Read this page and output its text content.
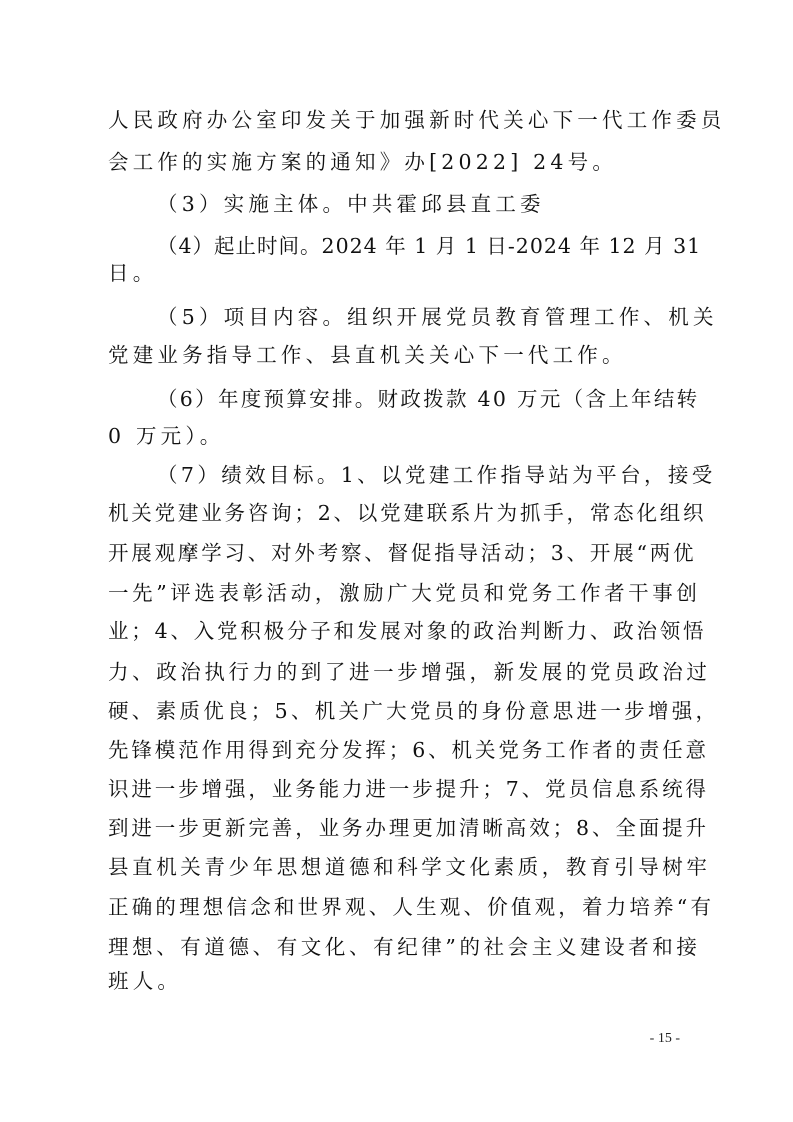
人民政府办公室印发关于加强新时代关心下一代工作委员
会工作的实施方案的通知》办[2022] 24号。
（3）实施主体。中共霍邱县直工委
（4）起止时间。2024 年 1 月 1 日-2024 年 12 月 31
日。
（5）项目内容。组织开展党员教育管理工作、机关
党建业务指导工作、县直机关关心下一代工作。
（6）年度预算安排。财政拨款 40 万元（含上年结转
0 万元）。
（7）绩效目标。1、以党建工作指导站为平台，接受
机关党建业务咨询；2、以党建联系片为抓手，常态化组织
开展观摩学习、对外考察、督促指导活动；3、开展“两优
一先”评选表彰活动，激励广大党员和党务工作者干事创
业；4、入党积极分子和发展对象的政治判断力、政治领悟
力、政治执行力的到了进一步增强，新发展的党员政治过
硬、素质优良；5、机关广大党员的身份意思进一步增强，
先锋模范作用得到充分发挥；6、机关党务工作者的责任意
识进一步增强，业务能力进一步提升；7、党员信息系统得
到进一步更新完善，业务办理更加清晰高效；8、全面提升
县直机关青少年思想道德和科学文化素质，教育引导树牢
正确的理想信念和世界观、人生观、价值观，着力培养“有
理想、有道德、有文化、有纪律”的社会主义建设者和接
班人。
- 15 -
